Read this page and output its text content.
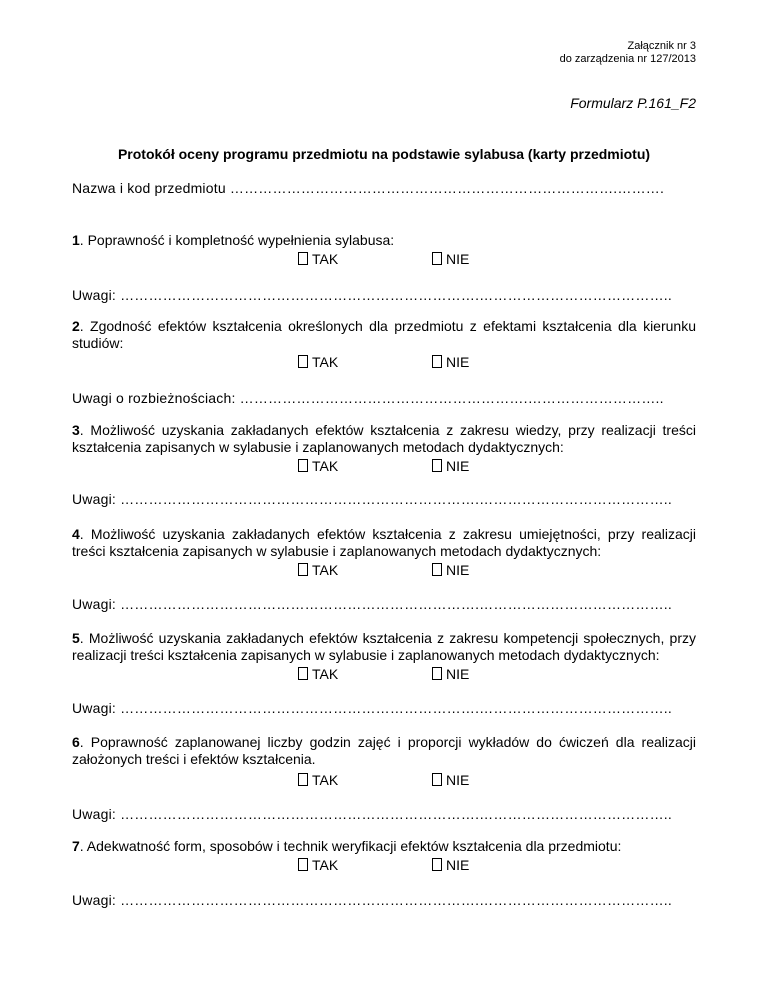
Załącznik nr 3
do zarządzenia nr 127/2013
Formularz P.161_F2
Protokół oceny programu przedmiotu na podstawie sylabusa (karty przedmiotu)
Nazwa i kod przedmiotu ……………………………………………………………………….……….
1. Poprawność i kompletność wypełnienia sylabusa:
TAK	NIE
Uwagi: ………………………………………………………………….…………………………………..
2. Zgodność efektów kształcenia określonych dla przedmiotu z efektami kształcenia dla kierunku studiów:
TAK	NIE
Uwagi o rozbieżnościach: …………………………………………………….………………………..
3. Możliwość uzyskania zakładanych efektów kształcenia z zakresu wiedzy, przy realizacji treści kształcenia zapisanych w sylabusie i zaplanowanych metodach dydaktycznych:
TAK	NIE
Uwagi: ………………………………………………………………….…………………………………..
4. Możliwość uzyskania zakładanych efektów kształcenia z zakresu umiejętności, przy realizacji treści kształcenia zapisanych w sylabusie i zaplanowanych metodach dydaktycznych:
TAK	NIE
Uwagi: ………………………………………………………………….…………………………………..
5. Możliwość uzyskania zakładanych efektów kształcenia z zakresu kompetencji społecznych, przy realizacji treści kształcenia zapisanych w sylabusie i zaplanowanych metodach dydaktycznych:
TAK	NIE
Uwagi: ………………………………………………………………….…………………………………..
6. Poprawność zaplanowanej liczby godzin zajęć i proporcji wykładów do ćwiczeń dla realizacji założonych treści i efektów kształcenia.
TAK	NIE
Uwagi: ………………………………………………………………….…………………………………..
7. Adekwatność form, sposobów i technik weryfikacji efektów kształcenia dla przedmiotu:
TAK	NIE
Uwagi: ………………………………………………………………….…………………………………..
